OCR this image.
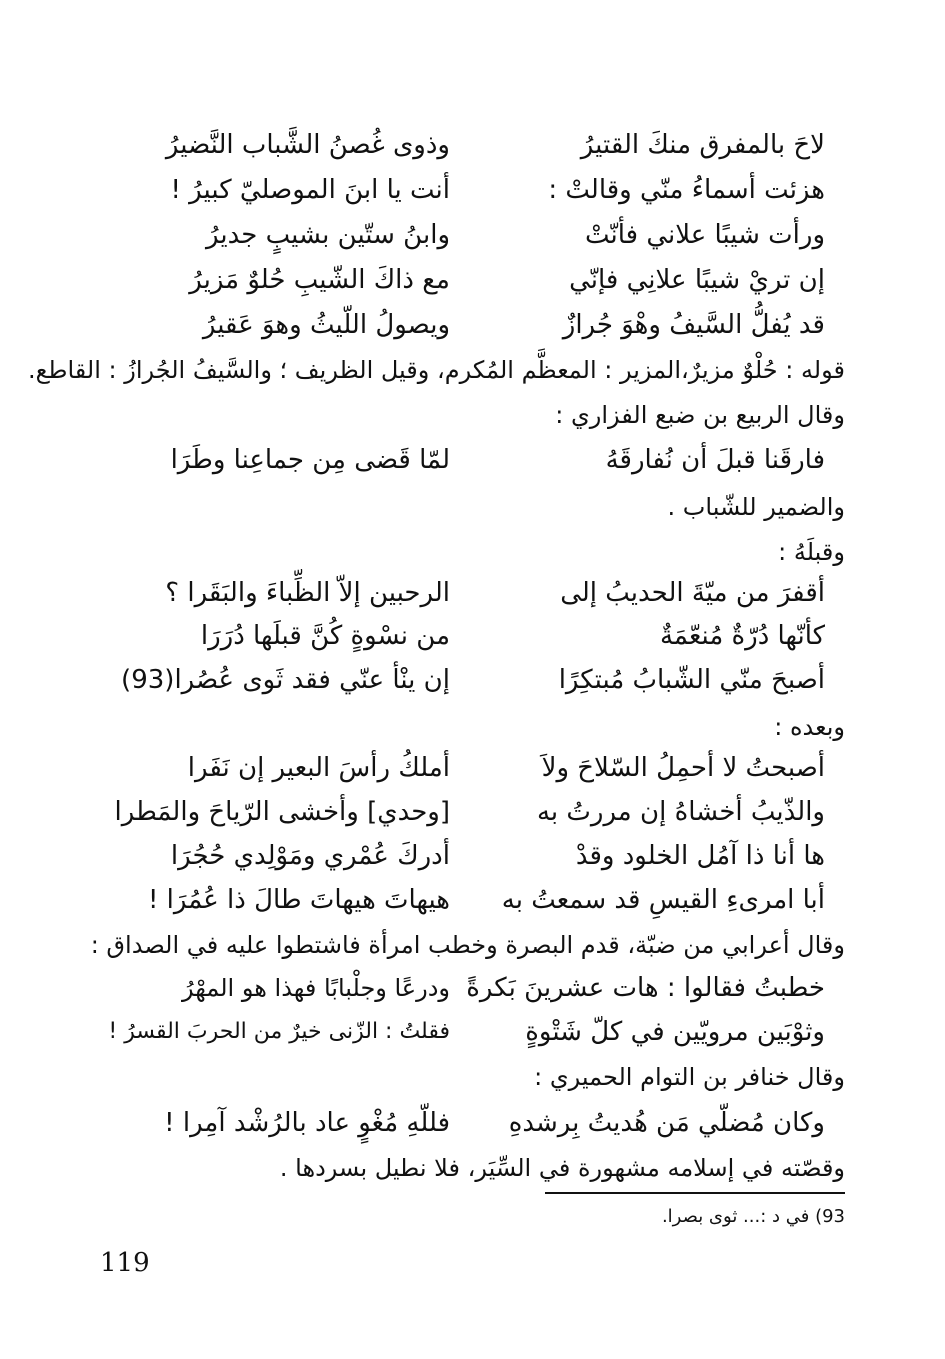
لاحَ بالمفرق منكَ القتيرُ
وذوى غُصنُ الشَّباب النَّضيرُ
هزئت أسماءُ منّي وقالتْ :
أنت يا ابنَ الموصليّ كبيرُ !
ورأت شيبًا علاني فأنّتْ
وابنُ ستّين بشيبٍ جديرُ
إن تريْ شيبًا علانِي فإنّي
مع ذاكَ الشّيبِ حُلوٌ مَزيرُ
قد يُفلُّ السَّيفُ وهْوَ جُرازٌ
ويصولُ اللّيثُ وهوَ عَقيرُ
قوله : حُلْوٌ مزيرٌ،المزير : المعظَّم المُكرم، وقيل الظريف ؛ والسَّيفُ الجُرازُ : القاطع.
وقال الربيع بن ضبع الفزاري :
فارقَنا قبلَ أن نُفارقَهُ
لمّا قَضى مِن جماعِنا وطَرَا
والضمير للشّباب .
وقبلَهُ :
أقفرَ من ميّةَ الحديبُ إلى
الرحبين إلاّ الظِّباءَ والبَقَرا ؟
كأنّها دُرّةٌ مُنعّمَةٌ
من نسْوةٍ كُنَّ قبلَها دُرَرَا
أصبحَ منّي الشّبابُ مُبتكِرًا
إن ينْأ عنّي فقد ثَوى عُصُرا(93)
وبعده :
أصبحتُ لا أحمِلُ السّلاحَ ولاَ
أملكُ رأسَ البعير إن نَفَرا
والذّيبُ أخشاهُ إن مررتُ به
[وحدي] وأخشى الرّياحَ والمَطرا
ها أنا ذا آمُل الخلود وقدْ
أدركَ عُمْري ومَوْلِدي حُجُرَا
أبا امرىءِ القيسِ قد سمعتُ به
هيهاتَ هيهاتَ طالَ ذا عُمُرَا !
وقال أعرابي من ضبّة، قدم البصرة وخطب امرأة فاشتطوا عليه في الصداق :
خطبتُ فقالوا : هات عشرينَ بَكرةً
ودرعًا وجلْبابًا فهذا هو المهْرُ
وثوْبَين مرويّين في كلّ شَتْوةٍ
فقلتُ : الزّنى خيرٌ من الحربَ القسرُ !
وقال خنافر بن التوام الحميري :
وكان مُضلّي مَن هُديتُ بِرشدهِ
فللّهِ مُغْوٍ عاد بالرُشْد آمِرا !
وقصّته في إسلامه مشهورة في السِّيَر، فلا نطيل بسردها .
93) في د :... ثوى بصرا.
119
